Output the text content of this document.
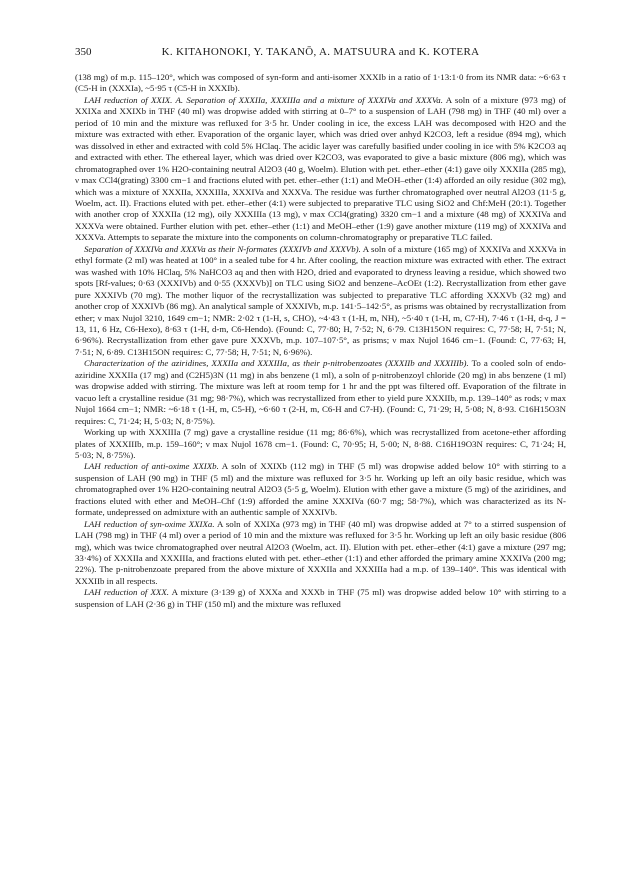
350	K. KITAHONOKI, Y. TAKANŌ, A. MATSUURA and K. KOTERA

(138 mg) of m.p. 115–120°, which was composed of syn-form and anti-isomer XXXIb in a ratio of 1·13:1·0 from its NMR data: ~6·63 τ (C5-H in (XXXIa), ~5·95 τ (C5-H in XXXIb).

LAH reduction of XXIX. A. Separation of XXXIIa, XXXIIIa and a mixture of XXXIVa and XXXVa. A soln of a mixture (973 mg) of XXIXa and XXIXb in THF (40 ml) was dropwise added with stirring at 0–7° to a suspension of LAH (798 mg) in THF (40 ml) over a period of 10 min and the mixture was refluxed for 3·5 hr. Under cooling in ice, the excess LAH was decomposed with H2O and the mixture was extracted with ether. Evaporation of the organic layer, which was dried over anhyd K2CO3, left a residue (894 mg), which was dissolved in ether and extracted with cold 5% HClaq. The acidic layer was carefully basified under cooling in ice with 5% K2CO3 aq and extracted with ether. The ethereal layer, which was dried over K2CO3, was evaporated to give a basic mixture (806 mg), which was chromatographed over 1% H2O-containing neutral Al2O3 (40 g, Woelm). Elution with pet. ether–ether (4:1) gave oily XXXIIa (285 mg), ν max CCl4(grating) 3300 cm−1 and fractions eluted with pet. ether–ether (1:1) and MeOH–ether (1:4) afforded an oily residue (302 mg), which was a mixture of XXXIIa, XXXIIIa, XXXIVa and XXXVa. The residue was further chromatographed over neutral Al2O3 (11·5 g, Woelm, act. II). Fractions eluted with pet. ether–ether (4:1) were subjected to preparative TLC using SiO2 and Chf:MeH (20:1). Together with another crop of XXXIIa (12 mg), oily XXXIIIa (13 mg), ν max CCl4(grating) 3320 cm−1 and a mixture (48 mg) of XXXIVa and XXXVa were obtained. Further elution with pet. ether–ether (1:1) and MeOH–ether (1:9) gave another mixture (119 mg) of XXXIVa and XXXVa. Attempts to separate the mixture into the components on column-chromatography or preparative TLC failed.

Separation of XXXIVa and XXXVa as their N-formates (XXXIVb and XXXVb). A soln of a mixture (165 mg) of XXXIVa and XXXVa in ethyl formate (2 ml) was heated at 100° in a sealed tube for 4 hr. After cooling, the reaction mixture was extracted with ether. The extract was washed with 10% HClaq, 5% NaHCO3 aq and then with H2O, dried and evaporated to dryness leaving a residue, which showed two spots [Rf-values; 0·63 (XXXIVb) and 0·55 (XXXVb)] on TLC using SiO2 and benzene–AcOEt (1:2). Recrystallization from ether gave pure XXXIVb (70 mg). The mother liquor of the recrystallization was subjected to preparative TLC affording XXXVb (32 mg) and another crop of XXXIVb (86 mg). An analytical sample of XXXIVb, m.p. 141·5–142·5°, as prisms was obtained by recrystallization from ether; ν max Nujol 3210, 1649 cm−1; NMR: 2·02 τ (1-H, s, CHO), ~4·43 τ (1-H, m, NH), ~5·40 τ (1-H, m, C7-H), 7·46 τ (1-H, d-q, J = 13, 11, 6 Hz, C6-Hexo), 8·63 τ (1-H, d-m, C6-Hendo). (Found: C, 77·80; H, 7·52; N, 6·79. C13H15ON requires: C, 77·58; H, 7·51; N, 6·96%). Recrystallization from ether gave pure XXXVb, m.p. 107–107·5°, as prisms; ν max Nujol 1646 cm−1. (Found: C, 77·63; H, 7·51; N, 6·89. C13H15ON requires: C, 77·58; H, 7·51; N, 6·96%).

Characterization of the aziridines, XXXIIa and XXXIIIa, as their p-nitrobenzoates (XXXIIb and XXXIIIb). To a cooled soln of endo-aziridine XXXIIa (17 mg) and (C2H5)3N (11 mg) in abs benzene (1 ml), a soln of p-nitrobenzoyl chloride (20 mg) in abs benzene (1 ml) was dropwise added with stirring. The mixture was left at room temp for 1 hr and the ppt was filtered off. Evaporation of the filtrate in vacuo left a crystalline residue (31 mg; 98·7%), which was recrystallized from ether to yield pure XXXIIb, m.p. 139–140° as rods; ν max Nujol 1664 cm−1; NMR: ~6·18 τ (1-H, m, C5-H), ~6·60 τ (2-H, m, C6-H and C7-H). (Found: C, 71·29; H, 5·08; N, 8·93. C16H15O3N requires: C, 71·24; H, 5·03; N, 8·75%).

Working up with XXXIIIa (7 mg) gave a crystalline residue (11 mg; 86·6%), which was recrystallized from acetone-ether affording plates of XXXIIIb, m.p. 159–160°; ν max Nujol 1678 cm−1. (Found: C, 70·95; H, 5·00; N, 8·88. C16H19O3N requires: C, 71·24; H, 5·03; N, 8·75%).

LAH reduction of anti-oxime XXIXb. A soln of XXIXb (112 mg) in THF (5 ml) was dropwise added below 10° with stirring to a suspension of LAH (90 mg) in THF (5 ml) and the mixture was refluxed for 3·5 hr. Working up left an oily basic residue, which was chromatographed over 1% H2O-containing neutral Al2O3 (5·5 g, Woelm). Elution with ether gave a mixture (5 mg) of the aziridines, and fractions eluted with ether and MeOH–Chf (1:9) afforded the amine XXXIVa (60·7 mg; 58·7%), which was characterized as its N-formate, undepressed on admixture with an authentic sample of XXXIVb.

LAH reduction of syn-oxime XXIXa. A soln of XXIXa (973 mg) in THF (40 ml) was dropwise added at 7° to a stirred suspension of LAH (798 mg) in THF (4 ml) over a period of 10 min and the mixture was refluxed for 3·5 hr. Working up left an oily basic residue (806 mg), which was twice chromatographed over neutral Al2O3 (Woelm, act. II). Elution with pet. ether–ether (4:1) gave a mixture (297 mg; 33·4%) of XXXIIa and XXXIIIa, and fractions eluted with pet. ether–ether (1:1) and ether afforded the primary amine XXXIVa (200 mg; 22%). The p-nitrobenzoate prepared from the above mixture of XXXIIa and XXXIIIa had a m.p. of 139–140°. This was identical with XXXIIb in all respects.

LAH reduction of XXX. A mixture (3·139 g) of XXXa and XXXb in THF (75 ml) was dropwise added below 10° with stirring to a suspension of LAH (2·36 g) in THF (150 ml) and the mixture was refluxed
